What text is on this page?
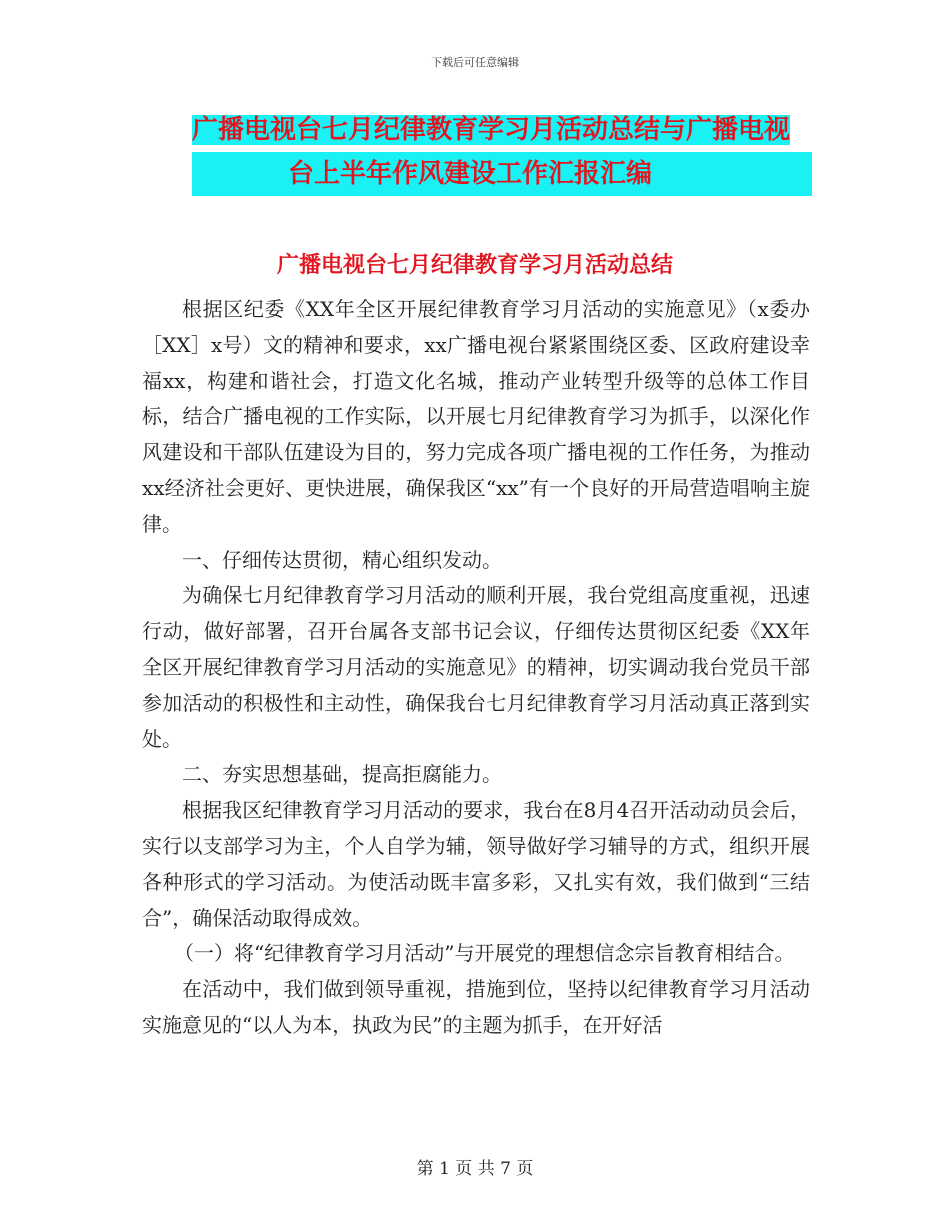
下载后可任意编辑
广播电视台七月纪律教育学习月活动总结与广播电视
台上半年作风建设工作汇报汇编
广播电视台七月纪律教育学习月活动总结

根据区纪委《XX年全区开展纪律教育学习月活动的实施意见》（x委办［XX］x号）文的精神和要求，xx广播电视台紧紧围绕区委、区政府建设幸福xx，构建和谐社会，打造文化名城，推动产业转型升级等的总体工作目标，结合广播电视的工作实际，以开展七月纪律教育学习为抓手，以深化作风建设和干部队伍建设为目的，努力完成各项广播电视的工作任务，为推动xx经济社会更好、更快进展，确保我区“xx”有一个良好的开局营造唱响主旋律。

一、仔细传达贯彻，精心组织发动。

为确保七月纪律教育学习月活动的顺利开展，我台党组高度重视，迅速行动，做好部署，召开台属各支部书记会议，仔细传达贯彻区纪委《XX年全区开展纪律教育学习月活动的实施意见》的精神，切实调动我台党员干部参加活动的积极性和主动性，确保我台七月纪律教育学习月活动真正落到实处。

二、夯实思想基础，提高拒腐能力。

根据我区纪律教育学习月活动的要求，我台在8月4召开活动动员会后，实行以支部学习为主，个人自学为辅，领导做好学习辅导的方式，组织开展各种形式的学习活动。为使活动既丰富多彩，又扎实有效，我们做到“三结合”，确保活动取得成效。

（一）将“纪律教育学习月活动”与开展党的理想信念宗旨教育相结合。

在活动中，我们做到领导重视，措施到位，坚持以纪律教育学习月活动实施意见的“以人为本，执政为民”的主题为抓手，在开好活

第 1 页 共 7 页
